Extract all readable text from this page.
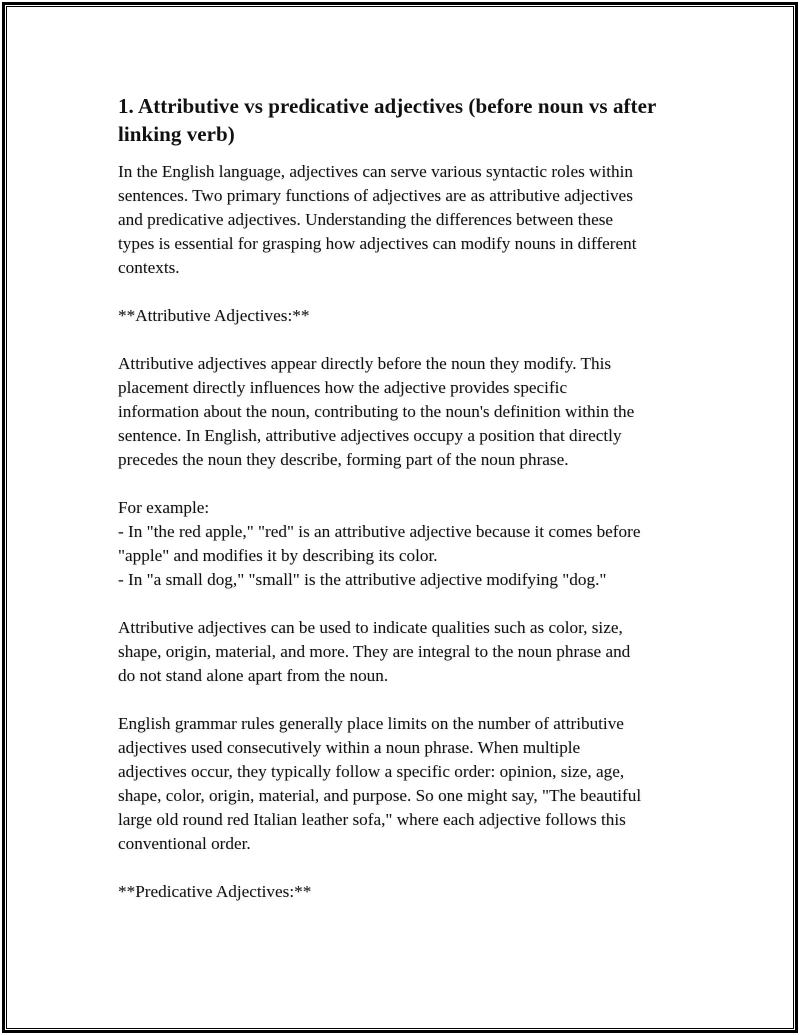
1. Attributive vs predicative adjectives (before noun vs after
linking verb)

In the English language, adjectives can serve various syntactic roles within
sentences. Two primary functions of adjectives are as attributive adjectives
and predicative adjectives. Understanding the differences between these
types is essential for grasping how adjectives can modify nouns in different
contexts.

**Attributive Adjectives:**

Attributive adjectives appear directly before the noun they modify. This
placement directly influences how the adjective provides specific
information about the noun, contributing to the noun's definition within the
sentence. In English, attributive adjectives occupy a position that directly
precedes the noun they describe, forming part of the noun phrase.

For example:
- In "the red apple," "red" is an attributive adjective because it comes before
"apple" and modifies it by describing its color.
- In "a small dog," "small" is the attributive adjective modifying "dog."

Attributive adjectives can be used to indicate qualities such as color, size,
shape, origin, material, and more. They are integral to the noun phrase and
do not stand alone apart from the noun.

English grammar rules generally place limits on the number of attributive
adjectives used consecutively within a noun phrase. When multiple
adjectives occur, they typically follow a specific order: opinion, size, age,
shape, color, origin, material, and purpose. So one might say, "The beautiful
large old round red Italian leather sofa," where each adjective follows this
conventional order.

**Predicative Adjectives:**
